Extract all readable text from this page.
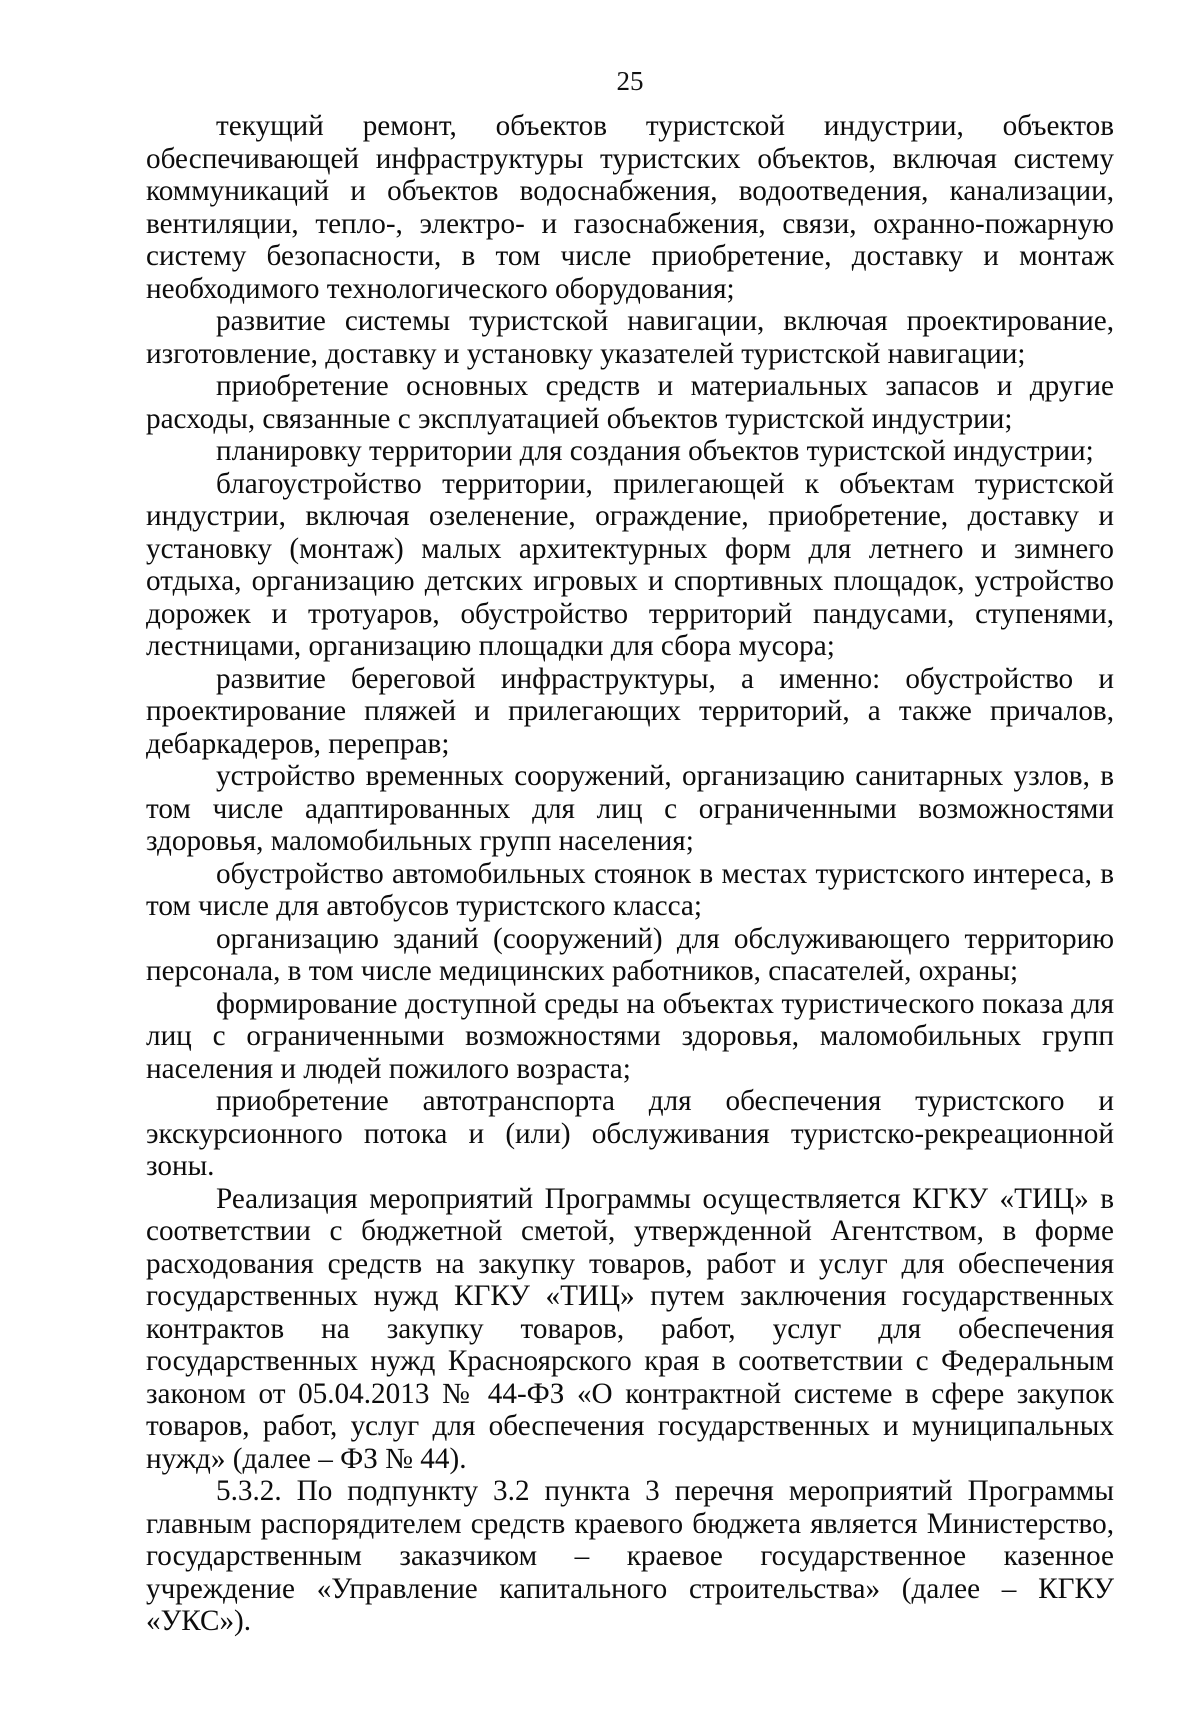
25

текущий ремонт, объектов туристской индустрии, объектов обеспечивающей инфраструктуры туристских объектов, включая систему коммуникаций и объектов водоснабжения, водоотведения, канализации, вентиляции, тепло-, электро- и газоснабжения, связи, охранно-пожарную систему безопасности, в том числе приобретение, доставку и монтаж необходимого технологического оборудования;

развитие системы туристской навигации, включая проектирование, изготовление, доставку и установку указателей туристской навигации;

приобретение основных средств и материальных запасов и другие расходы, связанные с эксплуатацией объектов туристской индустрии;

планировку территории для создания объектов туристской индустрии;

благоустройство территории, прилегающей к объектам туристской индустрии, включая озеленение, ограждение, приобретение, доставку и установку (монтаж) малых архитектурных форм для летнего и зимнего отдыха, организацию детских игровых и спортивных площадок, устройство дорожек и тротуаров, обустройство территорий пандусами, ступенями, лестницами, организацию площадки для сбора мусора;

развитие береговой инфраструктуры, а именно: обустройство и проектирование пляжей и прилегающих территорий, а также причалов, дебаркадеров, переправ;

устройство временных сооружений, организацию санитарных узлов, в том числе адаптированных для лиц с ограниченными возможностями здоровья, маломобильных групп населения;

обустройство автомобильных стоянок в местах туристского интереса, в том числе для автобусов туристского класса;

организацию зданий (сооружений) для обслуживающего территорию персонала, в том числе медицинских работников, спасателей, охраны;

формирование доступной среды на объектах туристического показа для лиц с ограниченными возможностями здоровья, маломобильных групп населения и людей пожилого возраста;

приобретение автотранспорта для обеспечения туристского и экскурсионного потока и (или) обслуживания туристско-рекреационной зоны.

Реализация мероприятий Программы осуществляется КГКУ «ТИЦ» в соответствии с бюджетной сметой, утвержденной Агентством, в форме расходования средств на закупку товаров, работ и услуг для обеспечения государственных нужд КГКУ «ТИЦ» путем заключения государственных контрактов на закупку товаров, работ, услуг для обеспечения государственных нужд Красноярского края в соответствии с Федеральным законом от 05.04.2013 № 44-ФЗ «О контрактной системе в сфере закупок товаров, работ, услуг для обеспечения государственных и муниципальных нужд» (далее – ФЗ № 44).

5.3.2. По подпункту 3.2 пункта 3 перечня мероприятий Программы главным распорядителем средств краевого бюджета является Министерство, государственным заказчиком – краевое государственное казенное учреждение «Управление капитального строительства» (далее – КГКУ «УКС»).
